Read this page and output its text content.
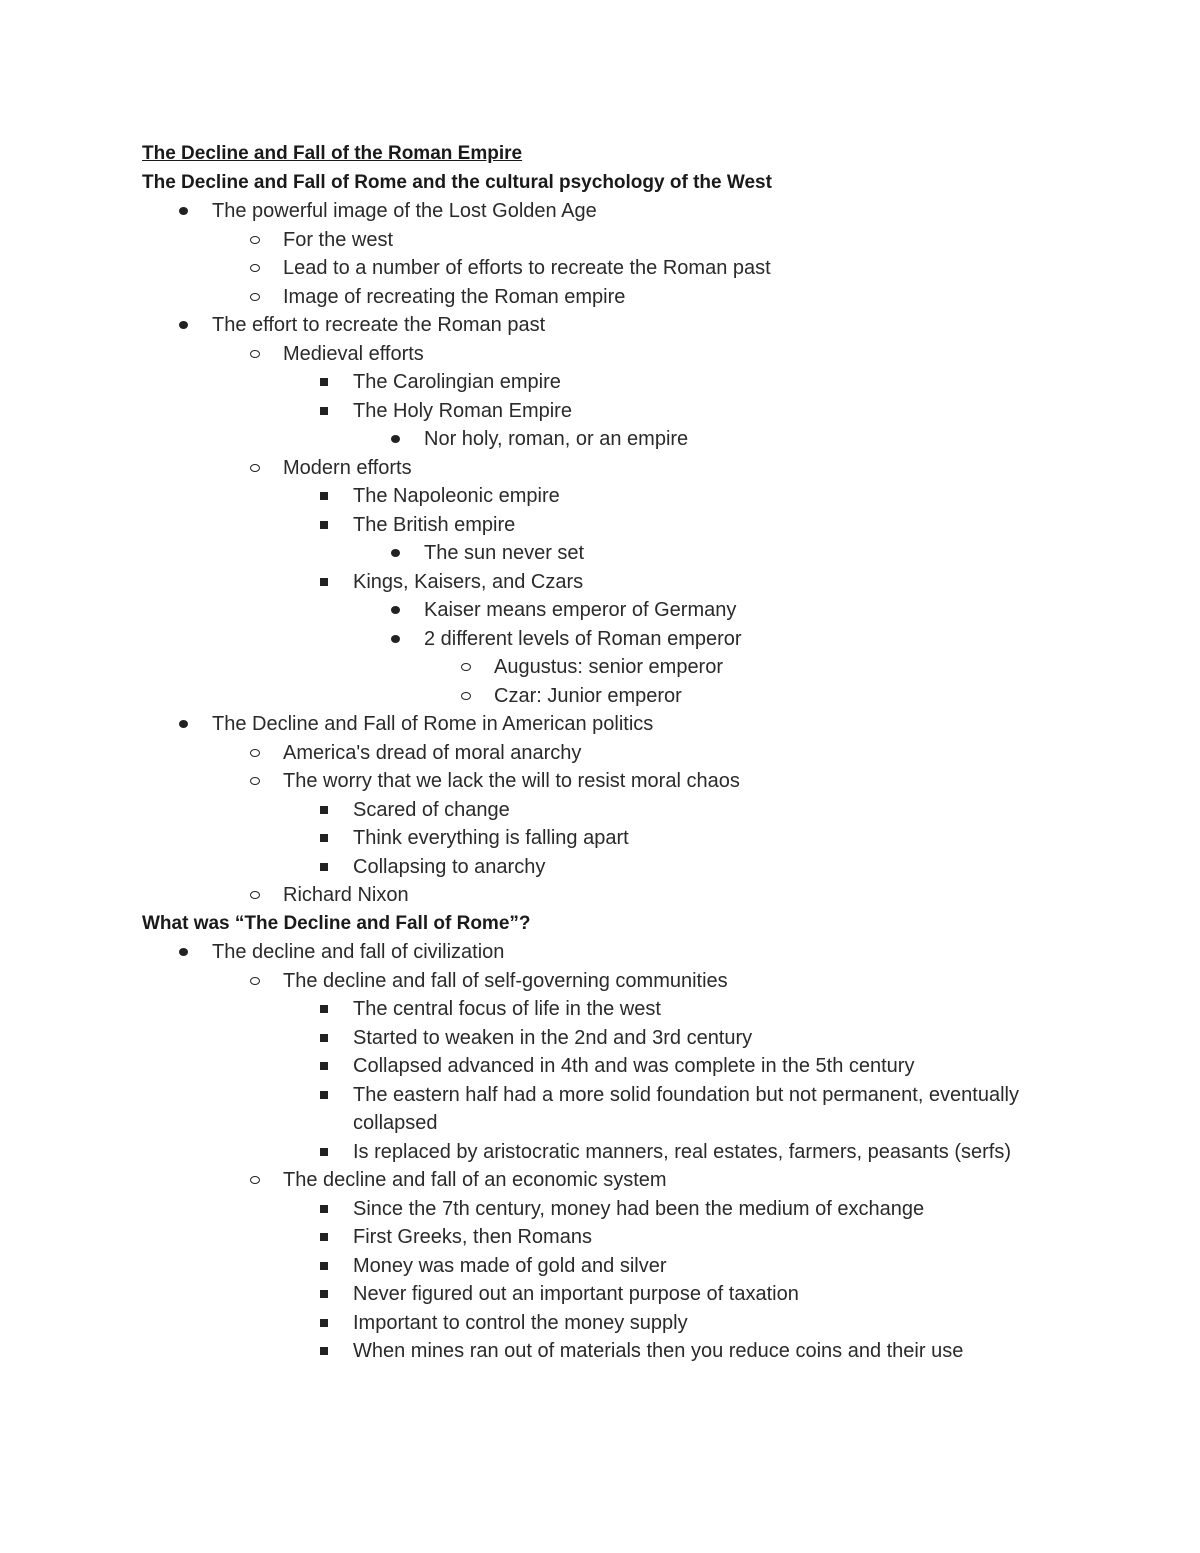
The Decline and Fall of the Roman Empire
The Decline and Fall of Rome and the cultural psychology of the West
The powerful image of the Lost Golden Age
For the west
Lead to a number of efforts to recreate the Roman past
Image of recreating the Roman empire
The effort to recreate the Roman past
Medieval efforts
The Carolingian empire
The Holy Roman Empire
Nor holy, roman, or an empire
Modern efforts
The Napoleonic empire
The British empire
The sun never set
Kings, Kaisers, and Czars
Kaiser means emperor of Germany
2 different levels of Roman emperor
Augustus: senior emperor
Czar: Junior emperor
The Decline and Fall of Rome in American politics
America's dread of moral anarchy
The worry that we lack the will to resist moral chaos
Scared of change
Think everything is falling apart
Collapsing to anarchy
Richard Nixon
What was “The Decline and Fall of Rome”?
The decline and fall of civilization
The decline and fall of self-governing communities
The central focus of life in the west
Started to weaken in the 2nd and 3rd century
Collapsed advanced in 4th and was complete in the 5th century
The eastern half had a more solid foundation but not permanent, eventually collapsed
Is replaced by aristocratic manners, real estates, farmers, peasants (serfs)
The decline and fall of an economic system
Since the 7th century, money had been the medium of exchange
First Greeks, then Romans
Money was made of gold and silver
Never figured out an important purpose of taxation
Important to control the money supply
When mines ran out of materials then you reduce coins and their use
